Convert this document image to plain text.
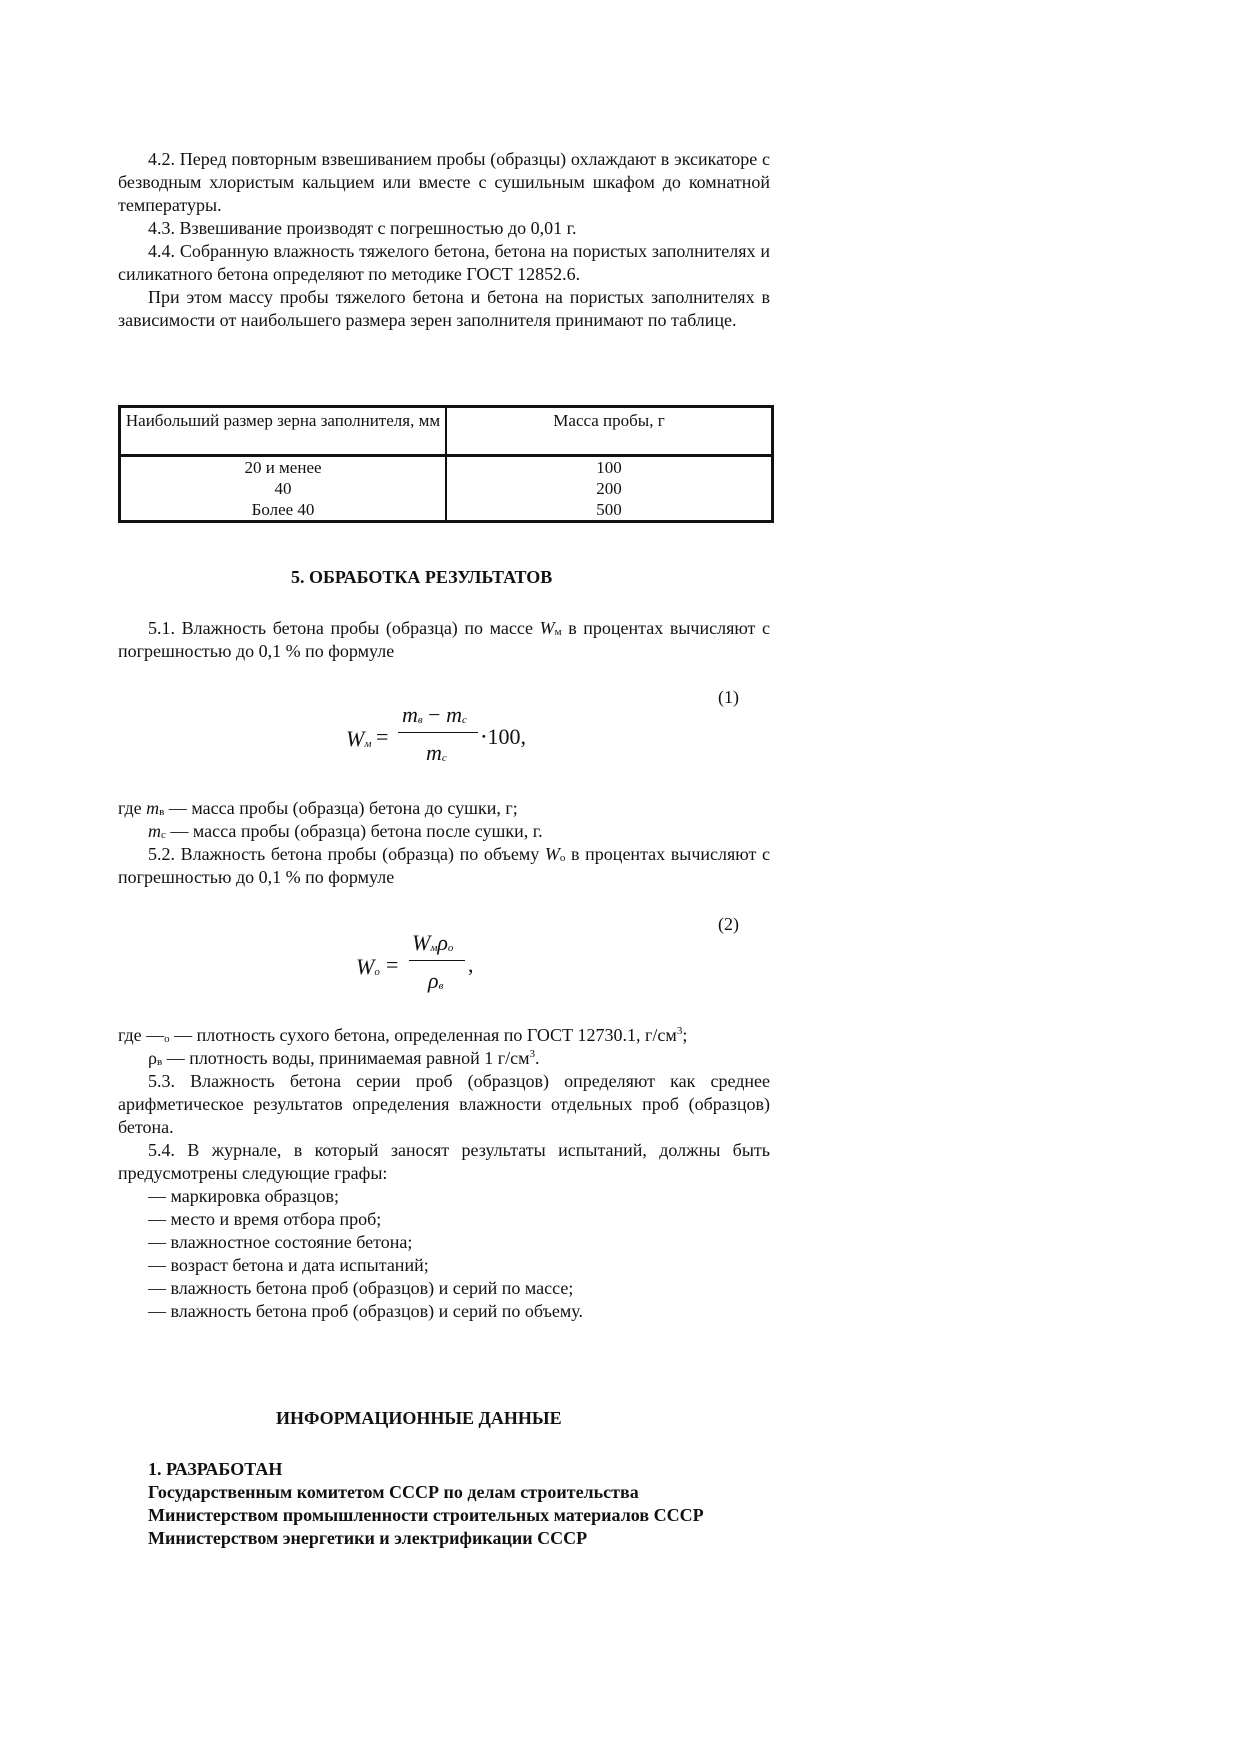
4.2. Перед повторным взвешиванием пробы (образцы) охлаждают в эксикаторе с безводным хлористым кальцием или вместе с сушильным шкафом до комнатной температуры.

4.3. Взвешивание производят с погрешностью до 0,01 г.

4.4. Собранную влажность тяжелого бетона, бетона на пористых заполнителях и силикатного бетона определяют по методике ГОСТ 12852.6.

При этом массу пробы тяжелого бетона и бетона на пористых заполнителях в зависимости от наибольшего размера зерен заполнителя принимают по таблице.

Наибольший размер зерна заполнителя, мм	Масса пробы, г
20 и менее	100
40	200
Более 40	500
5. ОБРАБОТКА РЕЗУЛЬТАТОВ

5.1. Влажность бетона пробы (образца) по массе $W_м$ в процентах вычисляют с погрешностью до 0,1 % по формуле

(1)
$W_м$ =
$m_в - m_с$
$m_с$
⋅100,

где $m_в$ — масса пробы (образца) бетона до сушки, г;

$m_с$ — масса пробы (образца) бетона после сушки, г.

5.2. Влажность бетона пробы (образца) по объему $W_о$ в процентах вычисляют с погрешностью до 0,1 % по формуле

(2)
$W_o$ =
$W_м\rho_o$
$\rho_в$
,

где $—_о$ — плотность сухого бетона, определенная по ГОСТ 12730.1, $г/см^3$;

$\rho_в$ — плотность воды, принимаемая равной 1 $г/см^3$.

5.3. Влажность бетона серии проб (образцов) определяют как среднее арифметическое результатов определения влажности отдельных проб (образцов) бетона.

5.4. В журнале, в который заносят результаты испытаний, должны быть предусмотрены следующие графы:

— маркировка образцов;

— место и время отбора проб;

— влажностное состояние бетона;

— возраст бетона и дата испытаний;

— влажность бетона проб (образцов) и серий по массе;

— влажность бетона проб (образцов) и серий по объему.

ИНФОРМАЦИОННЫЕ ДАННЫЕ

1. РАЗРАБОТАН

Государственным комитетом СССР по делам строительства

Министерством промышленности строительных материалов СССР

Министерством энергетики и электрификации СССР
